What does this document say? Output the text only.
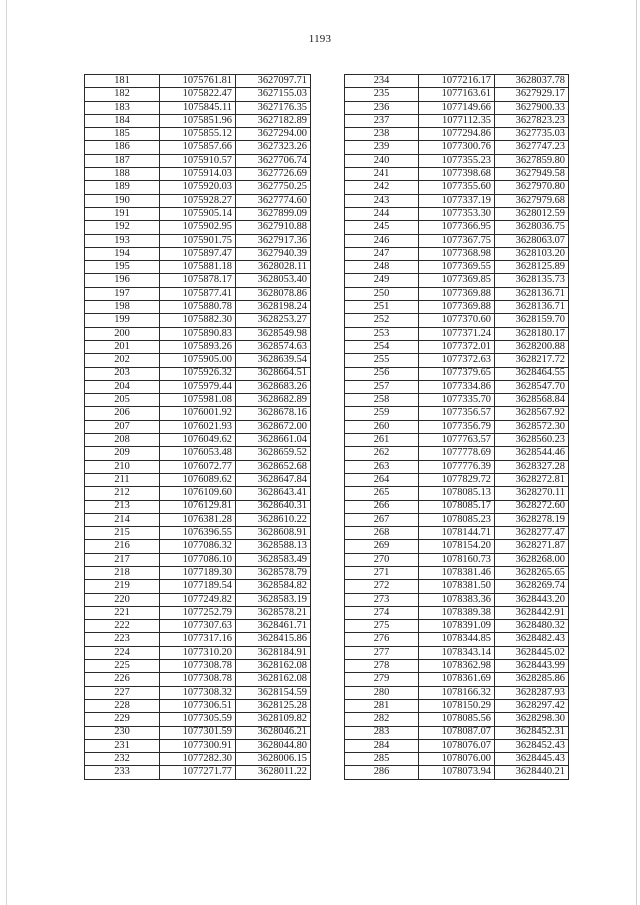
1193
181	1075761.81	3627097.71
182	1075822.47	3627155.03
183	1075845.11	3627176.35
184	1075851.96	3627182.89
185	1075855.12	3627294.00
186	1075857.66	3627323.26
187	1075910.57	3627706.74
188	1075914.03	3627726.69
189	1075920.03	3627750.25
190	1075928.27	3627774.60
191	1075905.14	3627899.09
192	1075902.95	3627910.88
193	1075901.75	3627917.36
194	1075897.47	3627940.39
195	1075881.18	3628028.11
196	1075878.17	3628053.40
197	1075877.41	3628078.86
198	1075880.78	3628198.24
199	1075882.30	3628253.27
200	1075890.83	3628549.98
201	1075893.26	3628574.63
202	1075905.00	3628639.54
203	1075926.32	3628664.51
204	1075979.44	3628683.26
205	1075981.08	3628682.89
206	1076001.92	3628678.16
207	1076021.93	3628672.00
208	1076049.62	3628661.04
209	1076053.48	3628659.52
210	1076072.77	3628652.68
211	1076089.62	3628647.84
212	1076109.60	3628643.41
213	1076129.81	3628640.31
214	1076381.28	3628610.22
215	1076396.55	3628608.91
216	1077086.32	3628588.13
217	1077086.10	3628583.49
218	1077189.30	3628578.79
219	1077189.54	3628584.82
220	1077249.82	3628583.19
221	1077252.79	3628578.21
222	1077307.63	3628461.71
223	1077317.16	3628415.86
224	1077310.20	3628184.91
225	1077308.78	3628162.08
226	1077308.78	3628162.08
227	1077308.32	3628154.59
228	1077306.51	3628125.28
229	1077305.59	3628109.82
230	1077301.59	3628046.21
231	1077300.91	3628044.80
232	1077282.30	3628006.15
233	1077271.77	3628011.22
234	1077216.17	3628037.78
235	1077163.61	3627929.17
236	1077149.66	3627900.33
237	1077112.35	3627823.23
238	1077294.86	3627735.03
239	1077300.76	3627747.23
240	1077355.23	3627859.80
241	1077398.68	3627949.58
242	1077355.60	3627970.80
243	1077337.19	3627979.68
244	1077353.30	3628012.59
245	1077366.95	3628036.75
246	1077367.75	3628063.07
247	1077368.98	3628103.20
248	1077369.55	3628125.89
249	1077369.85	3628135.73
250	1077369.88	3628136.71
251	1077369.88	3628136.71
252	1077370.60	3628159.70
253	1077371.24	3628180.17
254	1077372.01	3628200.88
255	1077372.63	3628217.72
256	1077379.65	3628464.55
257	1077334.86	3628547.70
258	1077335.70	3628568.84
259	1077356.57	3628567.92
260	1077356.79	3628572.30
261	1077763.57	3628560.23
262	1077778.69	3628544.46
263	1077776.39	3628327.28
264	1077829.72	3628272.81
265	1078085.13	3628270.11
266	1078085.17	3628272.60
267	1078085.23	3628278.19
268	1078144.71	3628277.47
269	1078154.20	3628271.87
270	1078160.73	3628268.00
271	1078381.46	3628265.65
272	1078381.50	3628269.74
273	1078383.36	3628443.20
274	1078389.38	3628442.91
275	1078391.09	3628480.32
276	1078344.85	3628482.43
277	1078343.14	3628445.02
278	1078362.98	3628443.99
279	1078361.69	3628285.86
280	1078166.32	3628287.93
281	1078150.29	3628297.42
282	1078085.56	3628298.30
283	1078087.07	3628452.31
284	1078076.07	3628452.43
285	1078076.00	3628445.43
286	1078073.94	3628440.21
